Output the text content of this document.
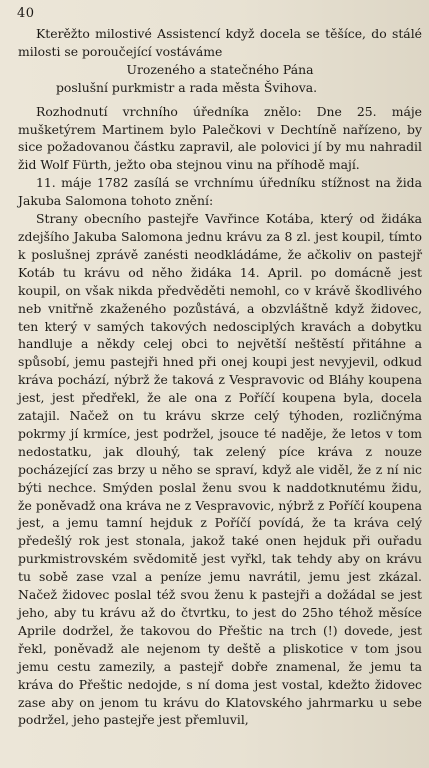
40

Kterěžto milostivé Assistencí když docela se těšíce, do stálé milosti se poroučející vostáváme

Urozeného a statečného Pána

poslušní purkmistr a rada města Švihova.

Rozhodnutí vrchního úředníka znělo: Dne 25. máje mušketýrem Martinem bylo Palečkovi v Dechtíně nařízeno, by sice požadovanou částku zapravil, ale polovici jí by mu nahradil žid Wolf Fürth, ježto oba stejnou vinu na příhodě mají.

11. máje 1782 zasílá se vrchnímu úředníku stížnost na žida Jakuba Salomona tohoto znění:

Strany obecního pastejře Vavřince Kotába, který od židáka zdejšího Jakuba Salomona jednu krávu za 8 zl. jest koupil, tímto k poslušnej zprávě zanésti neodkládáme, že ačkoliv on pastejř Kotáb tu krávu od něho židáka 14. April. po domácně jest koupil, on však nikda předvěděti nemohl, co v krávě škodlivého neb vnitřně zkaženého pozůstává, a obzvláštně když židovec, ten který v samých takových nedosciplých kravách a dobytku handluje a někdy celej obci to největší neštěstí přitáhne a spůsobí, jemu pastejři hned při onej koupi jest nevyjevil, odkud kráva pochází, nýbrž že taková z Vespravovic od Bláhy koupena jest, jest předřekl, že ale ona z Poříčí koupena byla, docela zatajil. Načež on tu krávu skrze celý týhoden, rozličnýma pokrmy jí krmíce, jest podržel, jsouce té naděje, že letos v tom nedostatku, jak dlouhý, tak zelený píce kráva z nouze pocházející zas brzy u něho se spraví, když ale viděl, že z ní nic býti nechce. Smýden poslal ženu svou k naddotknutému židu, že poněvadž ona kráva ne z Vespravovic, nýbrž z Poříčí koupena jest, a jemu tamní hejduk z Poříčí povídá, že ta kráva celý předešlý rok jest stonala, jakož také onen hejduk při ouřadu purkmistrovském svědomitě jest vyřkl, tak tehdy aby on krávu tu sobě zase vzal a peníze jemu navrátil, jemu jest zkázal. Načež židovec poslal též svou ženu k pastejři a dožádal se jest jeho, aby tu krávu až do čtvrtku, to jest do 25ho téhož měsíce Aprile dodržel, že takovou do Přeštic na trch (!) dovede, jest řekl, poněvadž ale nejenom ty deště a pliskotice v tom jsou jemu cestu zamezily, a pastejř dobře znamenal, že jemu ta kráva do Přeštic nedojde, s ní doma jest vostal, kdežto židovec zase aby on jenom tu krávu do Klatovského jahrmarku u sebe podržel, jeho pastejře jest přemluvil,
